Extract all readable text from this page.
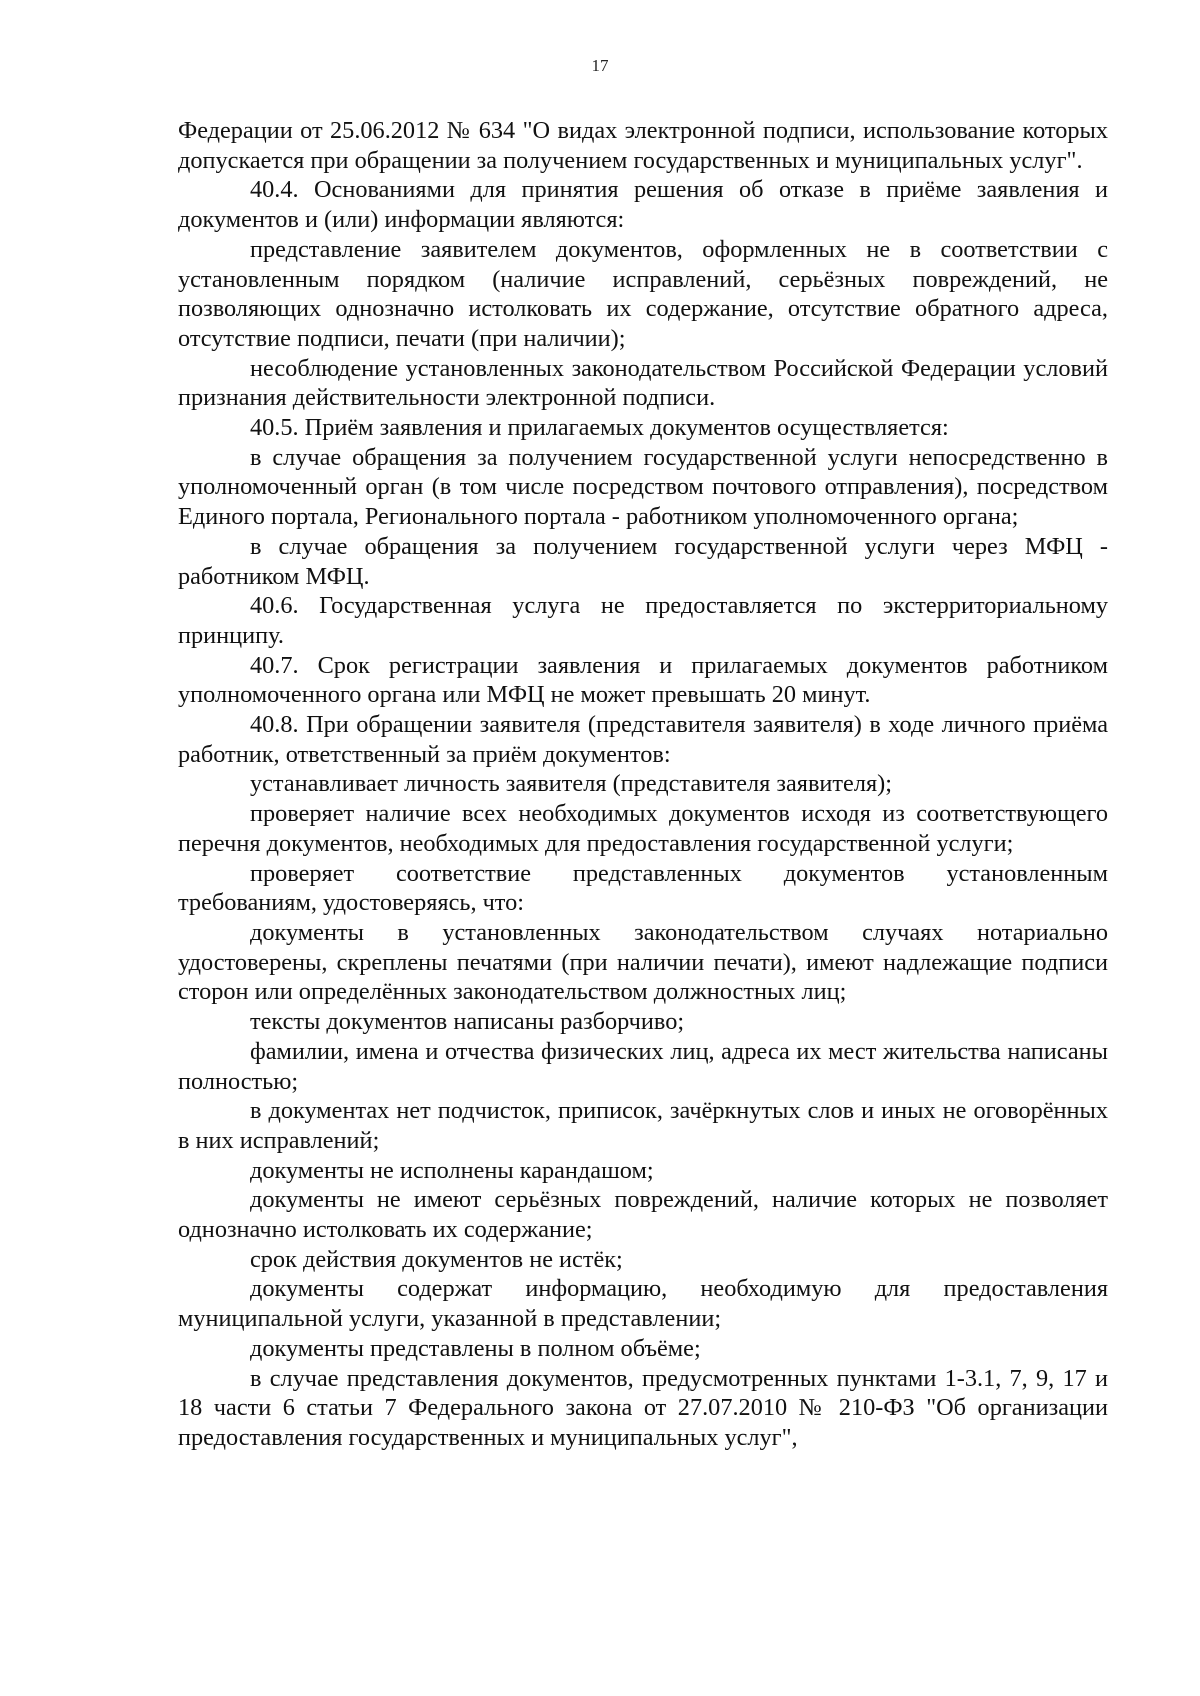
17

Федерации от 25.06.2012 № 634 "О видах электронной подписи, использование которых допускается при обращении за получением государственных и муниципальных услуг".

40.4. Основаниями для принятия решения об отказе в приёме заявления и документов и (или) информации являются:

представление заявителем документов, оформленных не в соответствии с установленным порядком (наличие исправлений, серьёзных повреждений, не позволяющих однозначно истолковать их содержание, отсутствие обратного адреса, отсутствие подписи, печати (при наличии);

несоблюдение установленных законодательством Российской Федерации условий признания действительности электронной подписи.

40.5. Приём заявления и прилагаемых документов осуществляется:

в случае обращения за получением государственной услуги непосредственно в уполномоченный орган (в том числе посредством почтового отправления), посредством Единого портала, Регионального портала - работником уполномоченного органа;

в случае обращения за получением государственной услуги через МФЦ - работником МФЦ.

40.6. Государственная услуга не предоставляется по экстерриториальному принципу.

40.7. Срок регистрации заявления и прилагаемых документов работником уполномоченного органа или МФЦ не может превышать 20 минут.

40.8. При обращении заявителя (представителя заявителя) в ходе личного приёма работник, ответственный за приём документов:

устанавливает личность заявителя (представителя заявителя);

проверяет наличие всех необходимых документов исходя из соответствующего перечня документов, необходимых для предоставления государственной услуги;

проверяет соответствие представленных документов установленным требованиям, удостоверяясь, что:

документы в установленных законодательством случаях нотариально удостоверены, скреплены печатями (при наличии печати), имеют надлежащие подписи сторон или определённых законодательством должностных лиц;

тексты документов написаны разборчиво;

фамилии, имена и отчества физических лиц, адреса их мест жительства написаны полностью;

в документах нет подчисток, приписок, зачёркнутых слов и иных не оговорённых в них исправлений;

документы не исполнены карандашом;

документы не имеют серьёзных повреждений, наличие которых не позволяет однозначно истолковать их содержание;

срок действия документов не истёк;

документы содержат информацию, необходимую для предоставления муниципальной услуги, указанной в представлении;

документы представлены в полном объёме;

в случае представления документов, предусмотренных пунктами 1-3.1, 7, 9, 17 и 18 части 6 статьи 7 Федерального закона от 27.07.2010 № 210-ФЗ "Об организации предоставления государственных и муниципальных услуг",
